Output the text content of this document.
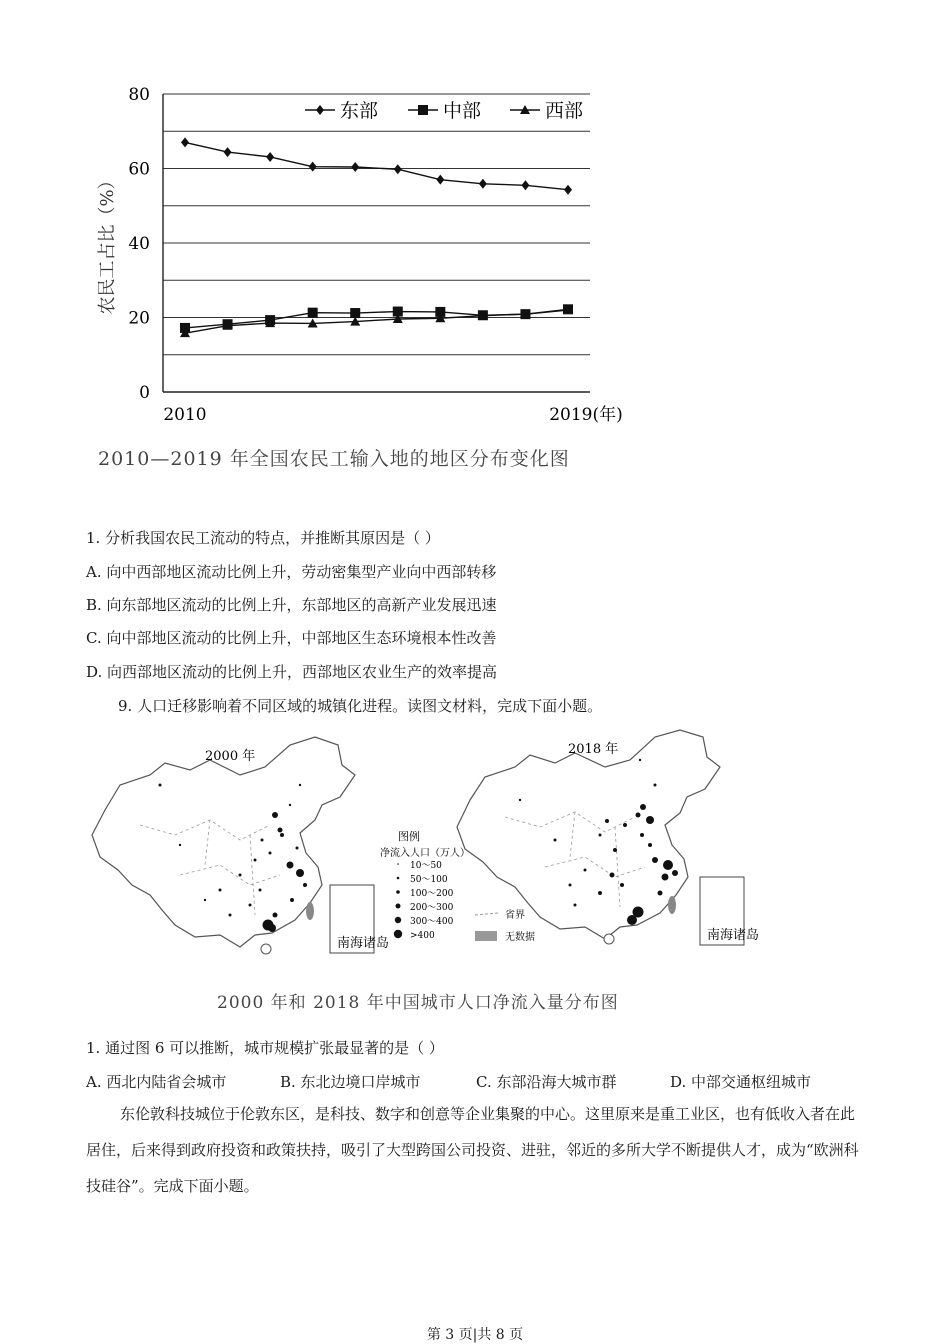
0
20
40
60
80
2010	2019(年)
农民工占比（%）
东部	中部	西部
2010—2019 年全国农民工输入地的地区分布变化图
1. 分析我国农民工流动的特点，并推断其原因是（ ）
A. 向中西部地区流动比例上升，劳动密集型产业向中西部转移
B. 向东部地区流动的比例上升，东部地区的高新产业发展迅速
C. 向中部地区流动的比例上升，中部地区生态环境根本性改善
D. 向西部地区流动的比例上升，西部地区农业生产的效率提高
9. 人口迁移影响着不同区域的城镇化进程。读图文材料，完成下面小题。
南海诸岛
2000 年
图例
净流入人口（万人）
10～50
50～100
100～200
200～300
300～400
>400
省界
无数据	南海诸岛
2018 年
2000 年和 2018 年中国城市人口净流入量分布图
1. 通过图 6 可以推断，城市规模扩张最显著的是（ ）
A. 西北内陆省会城市	B. 东北边境口岸城市	C. 东部沿海大城市群	D. 中部交通枢纽城市
东伦敦科技城位于伦敦东区，是科技、数字和创意等企业集聚的中心。这里原来是重工业区，也有低收入者在此居住，后来得到政府投资和政策扶持，吸引了大型跨国公司投资、进驻，邻近的多所大学不断提供人才，成为“欧洲科技硅谷”。完成下面小题。
第 3 页|共 8 页
